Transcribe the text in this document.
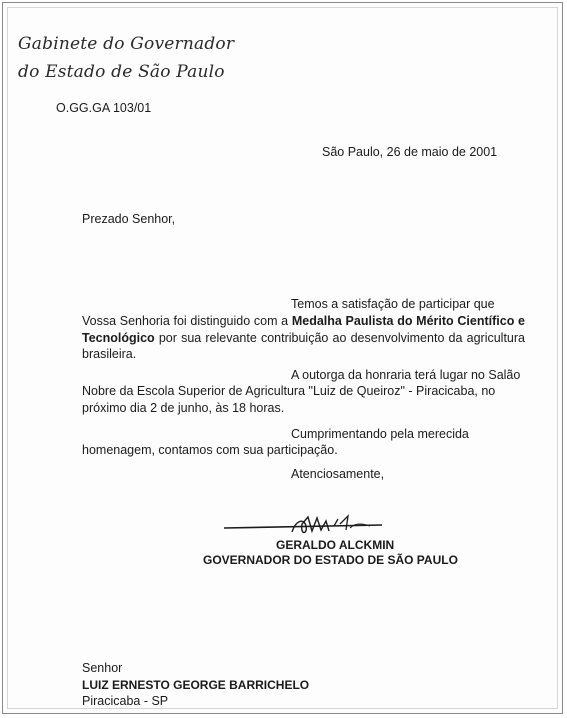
Gabinete do Governador
do Estado de São Paulo
O.GG.GA 103/01
São Paulo, 26 de maio de 2001
Prezado Senhor,
Temos a satisfação de participar que
Vossa Senhoria foi distinguido com a Medalha Paulista do Mérito Científico e Tecnológico por sua relevante contribuição ao desenvolvimento da agricultura brasileira.
A outorga da honraria terá lugar no Salão
Nobre da Escola Superior de Agricultura "Luiz de Queiroz" - Piracicaba, no
próximo dia 2 de junho, às 18 horas.
Cumprimentando pela merecida
homenagem, contamos com sua participação.
Atenciosamente,
GERALDO ALCKMIN
GOVERNADOR DO ESTADO DE SÃO PAULO
Senhor
LUIZ ERNESTO GEORGE BARRICHELO
Piracicaba - SP
